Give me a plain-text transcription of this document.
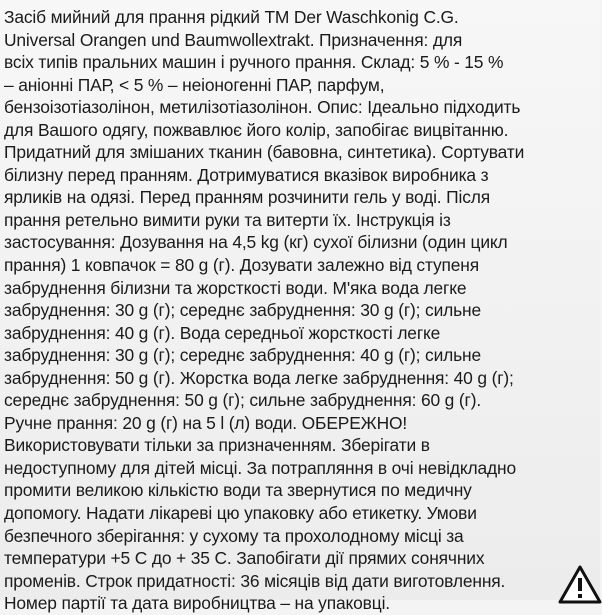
Засіб мийний для прання рідкий ТМ Der Waschkonig C.G.
Universal Orangen und Baumwollextrakt. Призначення: для
всіх типів пральних машин і ручного прання. Склад: 5 % - 15 %
– аніонні ПАР, < 5 % – неіоногенні ПАР, парфум,
бензоізотіазолінон, метилізотіазолінон. Опис: Ідеально підходить
для Вашого одягу, пожвавлює його колір, запобігає вицвітанню.
Придатний для змішаних тканин (бавовна, синтетика). Сортувати
білизну перед пранням. Дотримуватися вказівок виробника з
ярликів на одязі. Перед пранням розчинити гель у воді. Після
прання ретельно вимити руки та витерти їх. Інструкція із
застосування: Дозування на 4,5 kg (кг) сухої білизни (один цикл
прання) 1 ковпачок = 80 g (г). Дозувати залежно від ступеня
забруднення білизни та жорсткості води. М'яка вода легке
забруднення: 30 g (г); середнє забруднення: 30 g (г); сильне
забруднення: 40 g (г). Вода середньої жорсткості легке
забруднення: 30 g (г); середнє забруднення: 40 g (г); сильне
забруднення: 50 g (г). Жорстка вода легке забруднення: 40 g (г);
середнє забруднення: 50 g (г); сильне забруднення: 60 g (г).
Ручне прання: 20 g (г) на 5 l (л) води. ОБЕРЕЖНО!
Використовувати тільки за призначенням. Зберігати в
недоступному для дітей місці. За потрапляння в очі невідкладно
промити великою кількістю води та звернутися по медичну
допомогу. Надати лікареві цю упаковку або етикетку. Умови
безпечного зберігання: у сухому та прохолодному місці за
температури +5 С до + 35 С. Запобігати дії прямих сонячних
променів. Строк придатності: 36 місяців від дати виготовлення.
Номер партії та дата виробництва – на упаковці.
